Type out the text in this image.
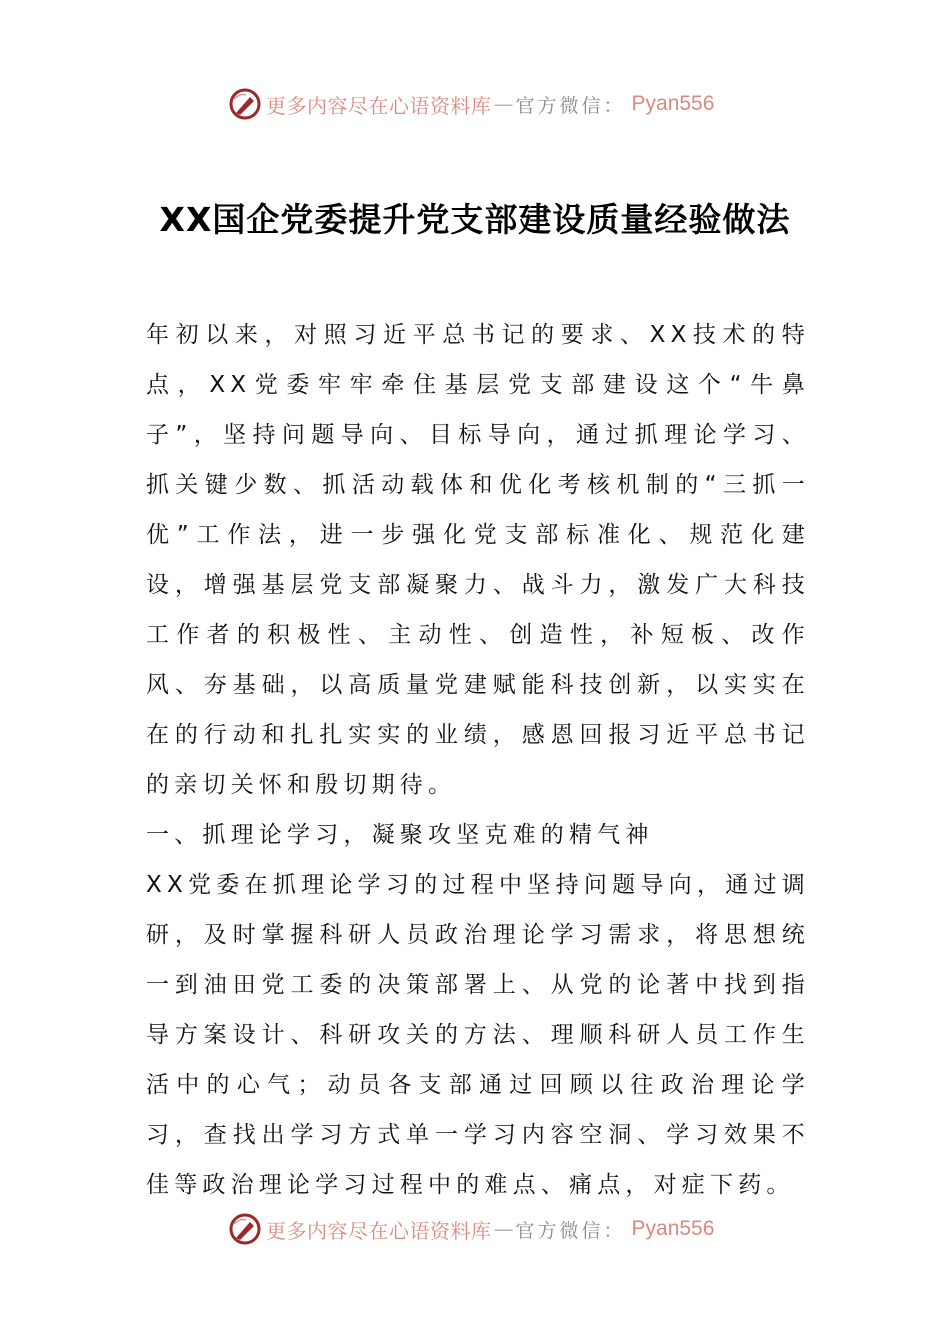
更多内容尽在心语资料库 — 官方微信： Pyan556
XX国企党委提升党支部建设质量经验做法

年初以来，对照习近平总书记的要求、XX技术的特点，XX党委牢牢牵住基层党支部建设这个“牛鼻子”，坚持问题导向、目标导向，通过抓理论学习、抓关键少数、抓活动载体和优化考核机制的“三抓一优”工作法，进一步强化党支部标准化、规范化建设，增强基层党支部凝聚力、战斗力，激发广大科技工作者的积极性、主动性、创造性，补短板、改作风、夯基础，以高质量党建赋能科技创新，以实实在在的行动和扎扎实实的业绩，感恩回报习近平总书记的亲切关怀和殷切期待。

一、抓理论学习，凝聚攻坚克难的精气神

XX党委在抓理论学习的过程中坚持问题导向，通过调研，及时掌握科研人员政治理论学习需求，将思想统一到油田党工委的决策部署上、从党的论著中找到指导方案设计、科研攻关的方法、理顺科研人员工作生活中的心气；动员各支部通过回顾以往政治理论学习，查找出学习方式单一学习内容空洞、学习效果不佳等政治理论学习过程中的难点、痛点，对症下药。

更多内容尽在心语资料库 — 官方微信： Pyan556
